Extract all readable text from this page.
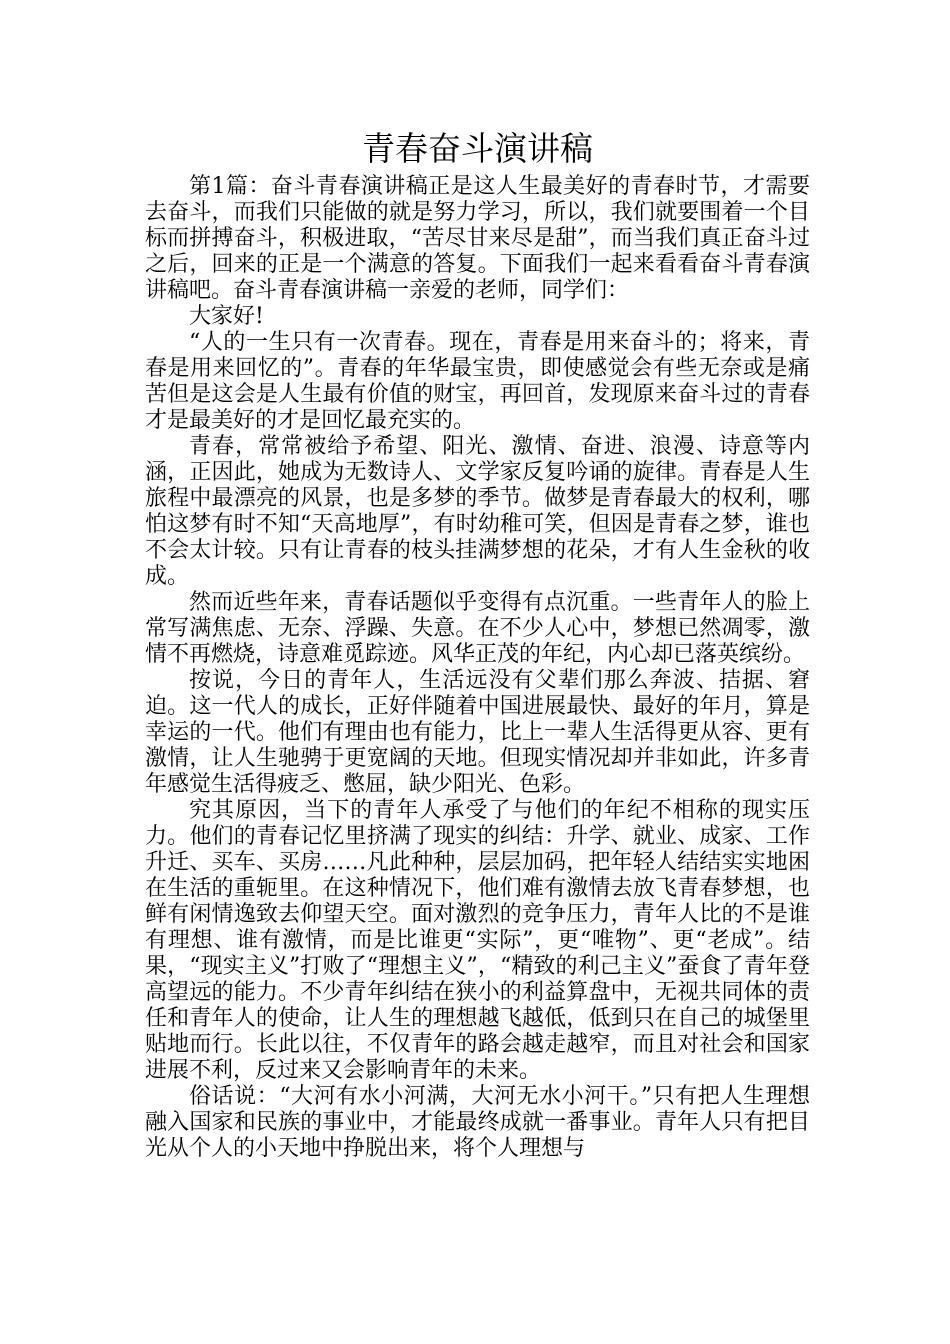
青春奋斗演讲稿

第1篇：奋斗青春演讲稿正是这人生最美好的青春时节，才需要去奋斗，而我们只能做的就是努力学习，所以，我们就要围着一个目标而拼搏奋斗，积极进取，“苦尽甘来尽是甜”，而当我们真正奋斗过之后，回来的正是一个满意的答复。下面我们一起来看看奋斗青春演讲稿吧。奋斗青春演讲稿一亲爱的老师，同学们：

大家好!

“人的一生只有一次青春。现在，青春是用来奋斗的；将来，青春是用来回忆的”。青春的年华最宝贵，即使感觉会有些无奈或是痛苦但是这会是人生最有价值的财宝，再回首，发现原来奋斗过的青春才是最美好的才是回忆最充实的。

青春，常常被给予希望、阳光、激情、奋进、浪漫、诗意等内涵，正因此，她成为无数诗人、文学家反复吟诵的旋律。青春是人生旅程中最漂亮的风景，也是多梦的季节。做梦是青春最大的权利，哪怕这梦有时不知“天高地厚”，有时幼稚可笑，但因是青春之梦，谁也不会太计较。只有让青春的枝头挂满梦想的花朵，才有人生金秋的收成。

然而近些年来，青春话题似乎变得有点沉重。一些青年人的脸上常写满焦虑、无奈、浮躁、失意。在不少人心中，梦想已然凋零，激情不再燃烧，诗意难觅踪迹。风华正茂的年纪，内心却已落英缤纷。

按说，今日的青年人，生活远没有父辈们那么奔波、拮据、窘迫。这一代人的成长，正好伴随着中国进展最快、最好的年月，算是幸运的一代。他们有理由也有能力，比上一辈人生活得更从容、更有激情，让人生驰骋于更宽阔的天地。但现实情况却并非如此，许多青年感觉生活得疲乏、憋屈，缺少阳光、色彩。

究其原因，当下的青年人承受了与他们的年纪不相称的现实压力。他们的青春记忆里挤满了现实的纠结：升学、就业、成家、工作升迁、买车、买房……凡此种种，层层加码，把年轻人结结实实地困在生活的重轭里。在这种情况下，他们难有激情去放飞青春梦想，也鲜有闲情逸致去仰望天空。面对激烈的竞争压力，青年人比的不是谁有理想、谁有激情，而是比谁更“实际”，更“唯物”、更“老成”。结果，“现实主义”打败了“理想主义”，“精致的利己主义”蚕食了青年登高望远的能力。不少青年纠结在狭小的利益算盘中，无视共同体的责任和青年人的使命，让人生的理想越飞越低，低到只在自己的城堡里贴地而行。长此以往，不仅青年的路会越走越窄，而且对社会和国家进展不利，反过来又会影响青年的未来。

俗话说：“大河有水小河满，大河无水小河干。”只有把人生理想融入国家和民族的事业中，才能最终成就一番事业。青年人只有把目光从个人的小天地中挣脱出来，将个人理想与
